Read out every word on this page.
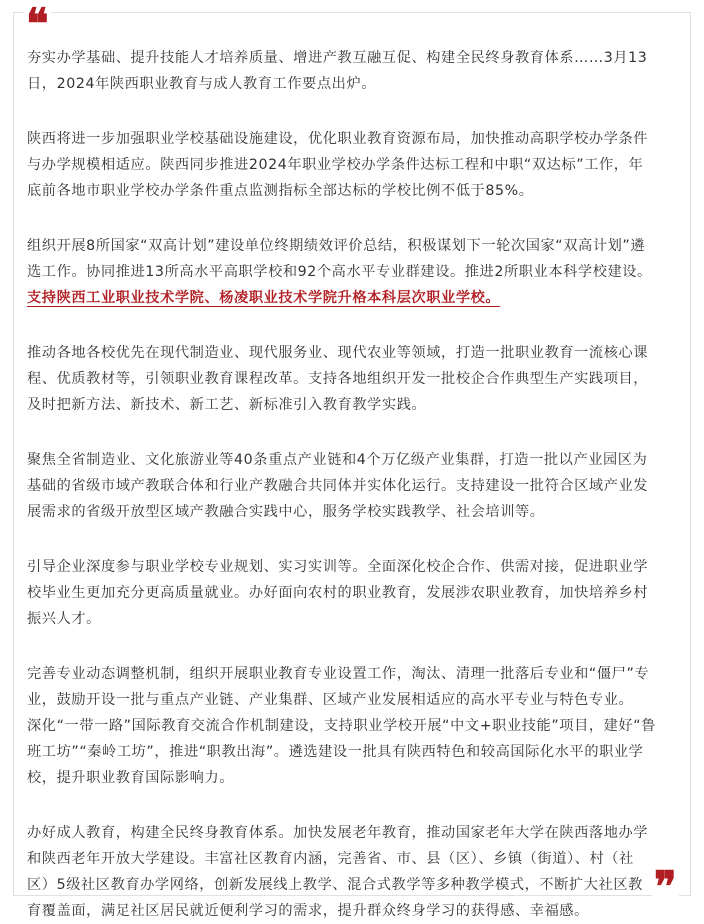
❝
❞

夯实办学基础、提升技能人才培养质量、增进产教互融互促、构建全民终身教育体系……3月13
日，2024年陕西职业教育与成人教育工作要点出炉。

陕西将进一步加强职业学校基础设施建设，优化职业教育资源布局，加快推动高职学校办学条件
与办学规模相适应。陕西同步推进2024年职业学校办学条件达标工程和中职“双达标”工作，年
底前各地市职业学校办学条件重点监测指标全部达标的学校比例不低于85%。

组织开展8所国家“双高计划”建设单位终期绩效评价总结，积极谋划下一轮次国家“双高计划”遴
选工作。协同推进13所高水平高职学校和92个高水平专业群建设。推进2所职业本科学校建设。
支持陕西工业职业技术学院、杨凌职业技术学院升格本科层次职业学校。

推动各地各校优先在现代制造业、现代服务业、现代农业等领域，打造一批职业教育一流核心课
程、优质教材等，引领职业教育课程改革。支持各地组织开发一批校企合作典型生产实践项目，
及时把新方法、新技术、新工艺、新标准引入教育教学实践。

聚焦全省制造业、文化旅游业等40条重点产业链和4个万亿级产业集群，打造一批以产业园区为
基础的省级市域产教联合体和行业产教融合共同体并实体化运行。支持建设一批符合区域产业发
展需求的省级开放型区域产教融合实践中心，服务学校实践教学、社会培训等。

引导企业深度参与职业学校专业规划、实习实训等。全面深化校企合作、供需对接，促进职业学
校毕业生更加充分更高质量就业。办好面向农村的职业教育，发展涉农职业教育，加快培养乡村
振兴人才。

完善专业动态调整机制，组织开展职业教育专业设置工作，淘汰、清理一批落后专业和“僵尸”专
业，鼓励开设一批与重点产业链、产业集群、区域产业发展相适应的高水平专业与特色专业。
深化“一带一路”国际教育交流合作机制建设，支持职业学校开展“中文+职业技能”项目，建好“鲁
班工坊”“秦岭工坊”，推进“职教出海”。遴选建设一批具有陕西特色和较高国际化水平的职业学
校，提升职业教育国际影响力。

办好成人教育，构建全民终身教育体系。加快发展老年教育，推动国家老年大学在陕西落地办学
和陕西老年开放大学建设。丰富社区教育内涵，完善省、市、县（区）、乡镇（街道）、村（社
区）5级社区教育办学网络，创新发展线上教学、混合式教学等多种教学模式，不断扩大社区教
育覆盖面，满足社区居民就近便利学习的需求，提升群众终身学习的获得感、幸福感。
